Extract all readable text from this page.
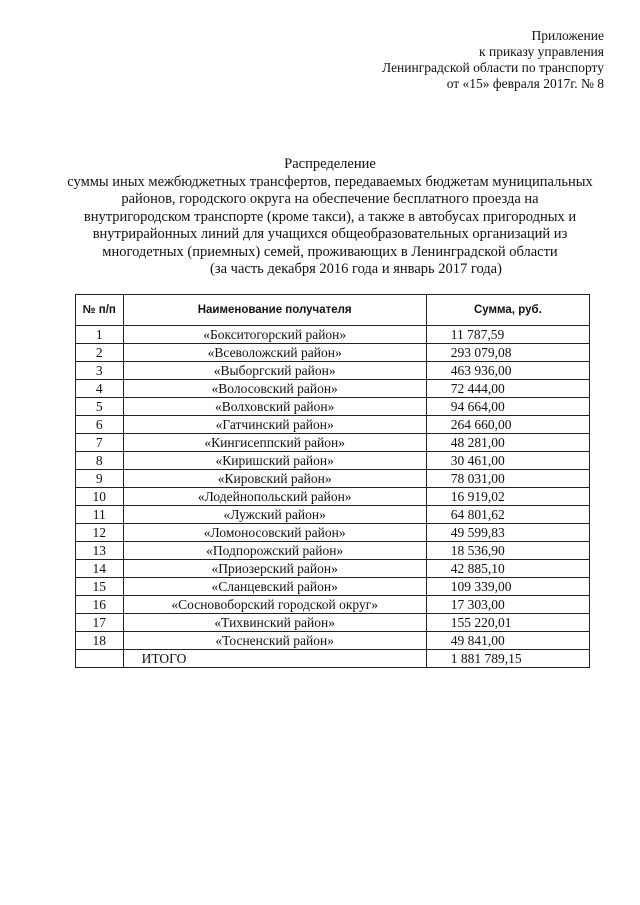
Приложение
к приказу управления
Ленинградской области по транспорту
от «15» февраля 2017г. № 8
Распределение
суммы иных межбюджетных трансфертов, передаваемых бюджетам муниципальных
районов, городского округа на обеспечение бесплатного проезда на
внутригородском транспорте (кроме такси), а также в автобусах пригородных и
внутрирайонных линий для учащихся общеобразовательных организаций из
многодетных (приемных) семей, проживающих в Ленинградской области
(за часть декабря 2016 года и январь 2017 года)
№ п/п	Наименование получателя	Сумма, руб.
1	«Бокситогорский район»	11 787,59
2	«Всеволожский район»	293 079,08
3	«Выборгский район»	463 936,00
4	«Волосовский район»	72 444,00
5	«Волховский район»	94 664,00
6	«Гатчинский район»	264 660,00
7	«Кингисеппский район»	48 281,00
8	«Киришский район»	30 461,00
9	«Кировский район»	78 031,00
10	«Лодейнопольский район»	16 919,02
11	«Лужский район»	64 801,62
12	«Ломоносовский район»	49 599,83
13	«Подпорожский район»	18 536,90
14	«Приозерский район»	42 885,10
15	«Сланцевский район»	109 339,00
16	«Сосновоборский городской округ»	17 303,00
17	«Тихвинский район»	155 220,01
18	«Тосненский район»	49 841,00
	ИТОГО	1 881 789,15
